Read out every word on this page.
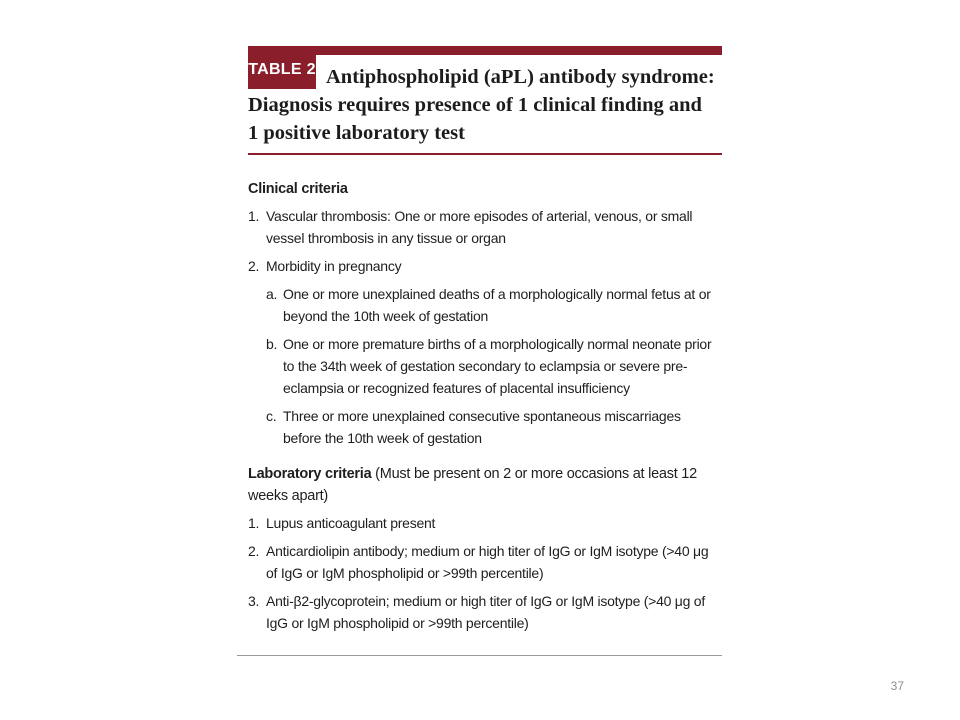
TABLE 2 Antiphospholipid (aPL) antibody syndrome:
Diagnosis requires presence of 1 clinical finding and
1 positive laboratory test
Clinical criteria
1. Vascular thrombosis: One or more episodes of arterial, venous, or small vessel thrombosis in any tissue or organ
2. Morbidity in pregnancy
a. One or more unexplained deaths of a morphologically normal fetus at or beyond the 10th week of gestation
b. One or more premature births of a morphologically normal neonate prior to the 34th week of gestation secondary to eclampsia or severe pre-eclampsia or recognized features of placental insufficiency
c. Three or more unexplained consecutive spontaneous miscarriages before the 10th week of gestation
Laboratory criteria (Must be present on 2 or more occasions at least 12 weeks apart)
1. Lupus anticoagulant present
2. Anticardiolipin antibody; medium or high titer of IgG or IgM isotype (>40 μg of IgG or IgM phospholipid or >99th percentile)
3. Anti-β2-glycoprotein; medium or high titer of IgG or IgM isotype (>40 μg of IgG or IgM phospholipid or >99th percentile)
37
